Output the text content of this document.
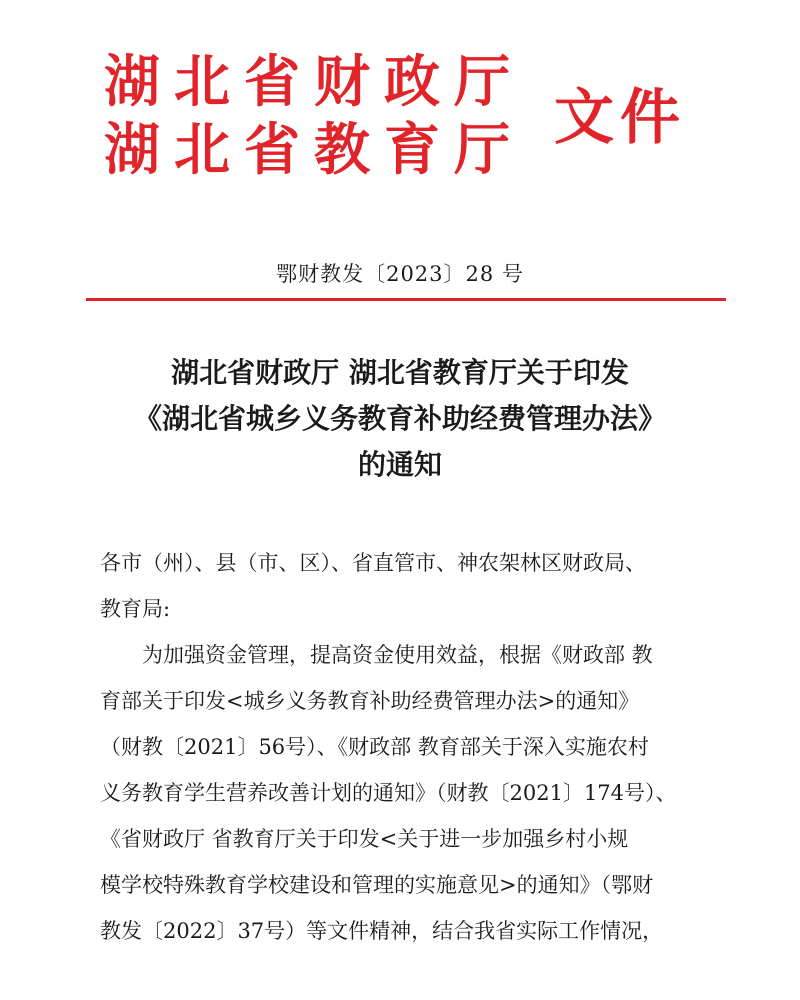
湖北省财政厅
湖北省教育厅 文件
鄂财教发〔2023〕28 号
湖北省财政厅 湖北省教育厅关于印发
《湖北省城乡义务教育补助经费管理办法》
的通知

各市（州）、县（市、区）、省直管市、神农架林区财政局、

教育局:

为加强资金管理，提高资金使用效益，根据《财政部 教

育部关于印发<城乡义务教育补助经费管理办法>的通知》

（财教〔2021〕56号）、《财政部 教育部关于深入实施农村

义务教育学生营养改善计划的通知》（财教〔2021〕174号）、

《省财政厅 省教育厅关于印发<关于进一步加强乡村小规

模学校特殊教育学校建设和管理的实施意见>的通知》（鄂财

教发〔2022〕37号）等文件精神，结合我省实际工作情况，
